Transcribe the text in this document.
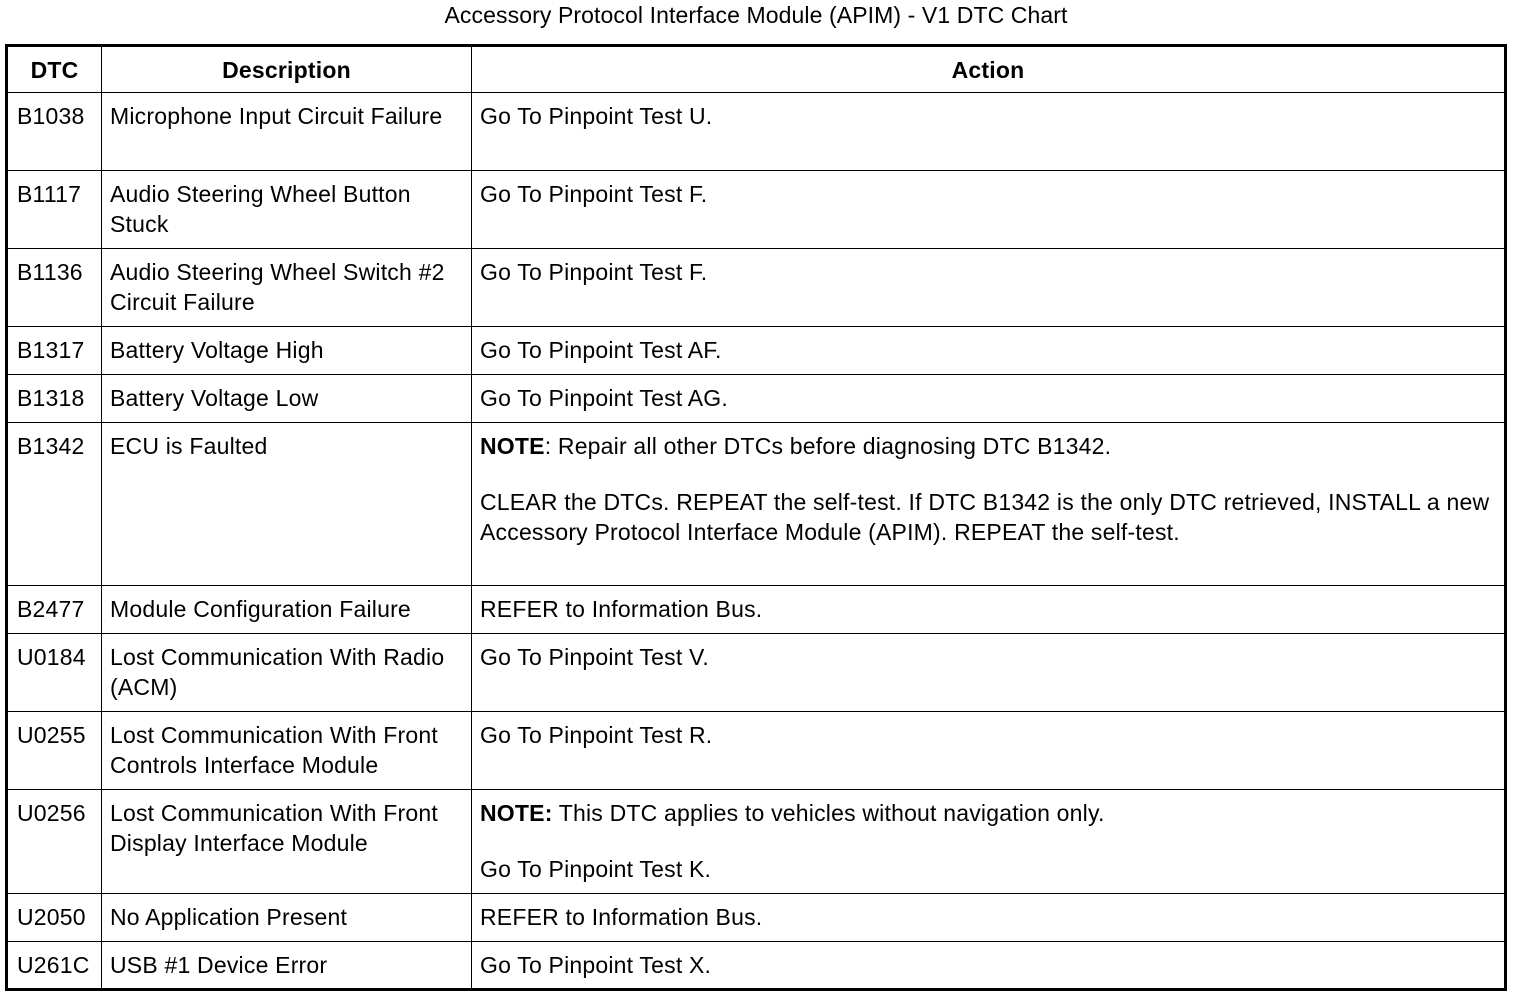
Accessory Protocol Interface Module (APIM) - V1 DTC Chart
DTC	Description	Action
B1038	Microphone Input Circuit Failure	Go To Pinpoint Test U.
B1117	Audio Steering Wheel Button Stuck	Go To Pinpoint Test F.
B1136	Audio Steering Wheel Switch #2 Circuit Failure	Go To Pinpoint Test F.
B1317	Battery Voltage High	Go To Pinpoint Test AF.
B1318	Battery Voltage Low	Go To Pinpoint Test AG.
B1342	ECU is Faulted	NOTE: Repair all other DTCs before diagnosing DTC B1342.

CLEAR the DTCs. REPEAT the self-test. If DTC B1342 is the only DTC retrieved, INSTALL a new Accessory Protocol Interface Module (APIM). REPEAT the self-test.

B2477	Module Configuration Failure	REFER to Information Bus.
U0184	Lost Communication With Radio (ACM)	Go To Pinpoint Test V.
U0255	Lost Communication With Front Controls Interface Module	Go To Pinpoint Test R.
U0256	Lost Communication With Front Display Interface Module	NOTE: This DTC applies to vehicles without navigation only.

Go To Pinpoint Test K.

U2050	No Application Present	REFER to Information Bus.
U261C	USB #1 Device Error	Go To Pinpoint Test X.
